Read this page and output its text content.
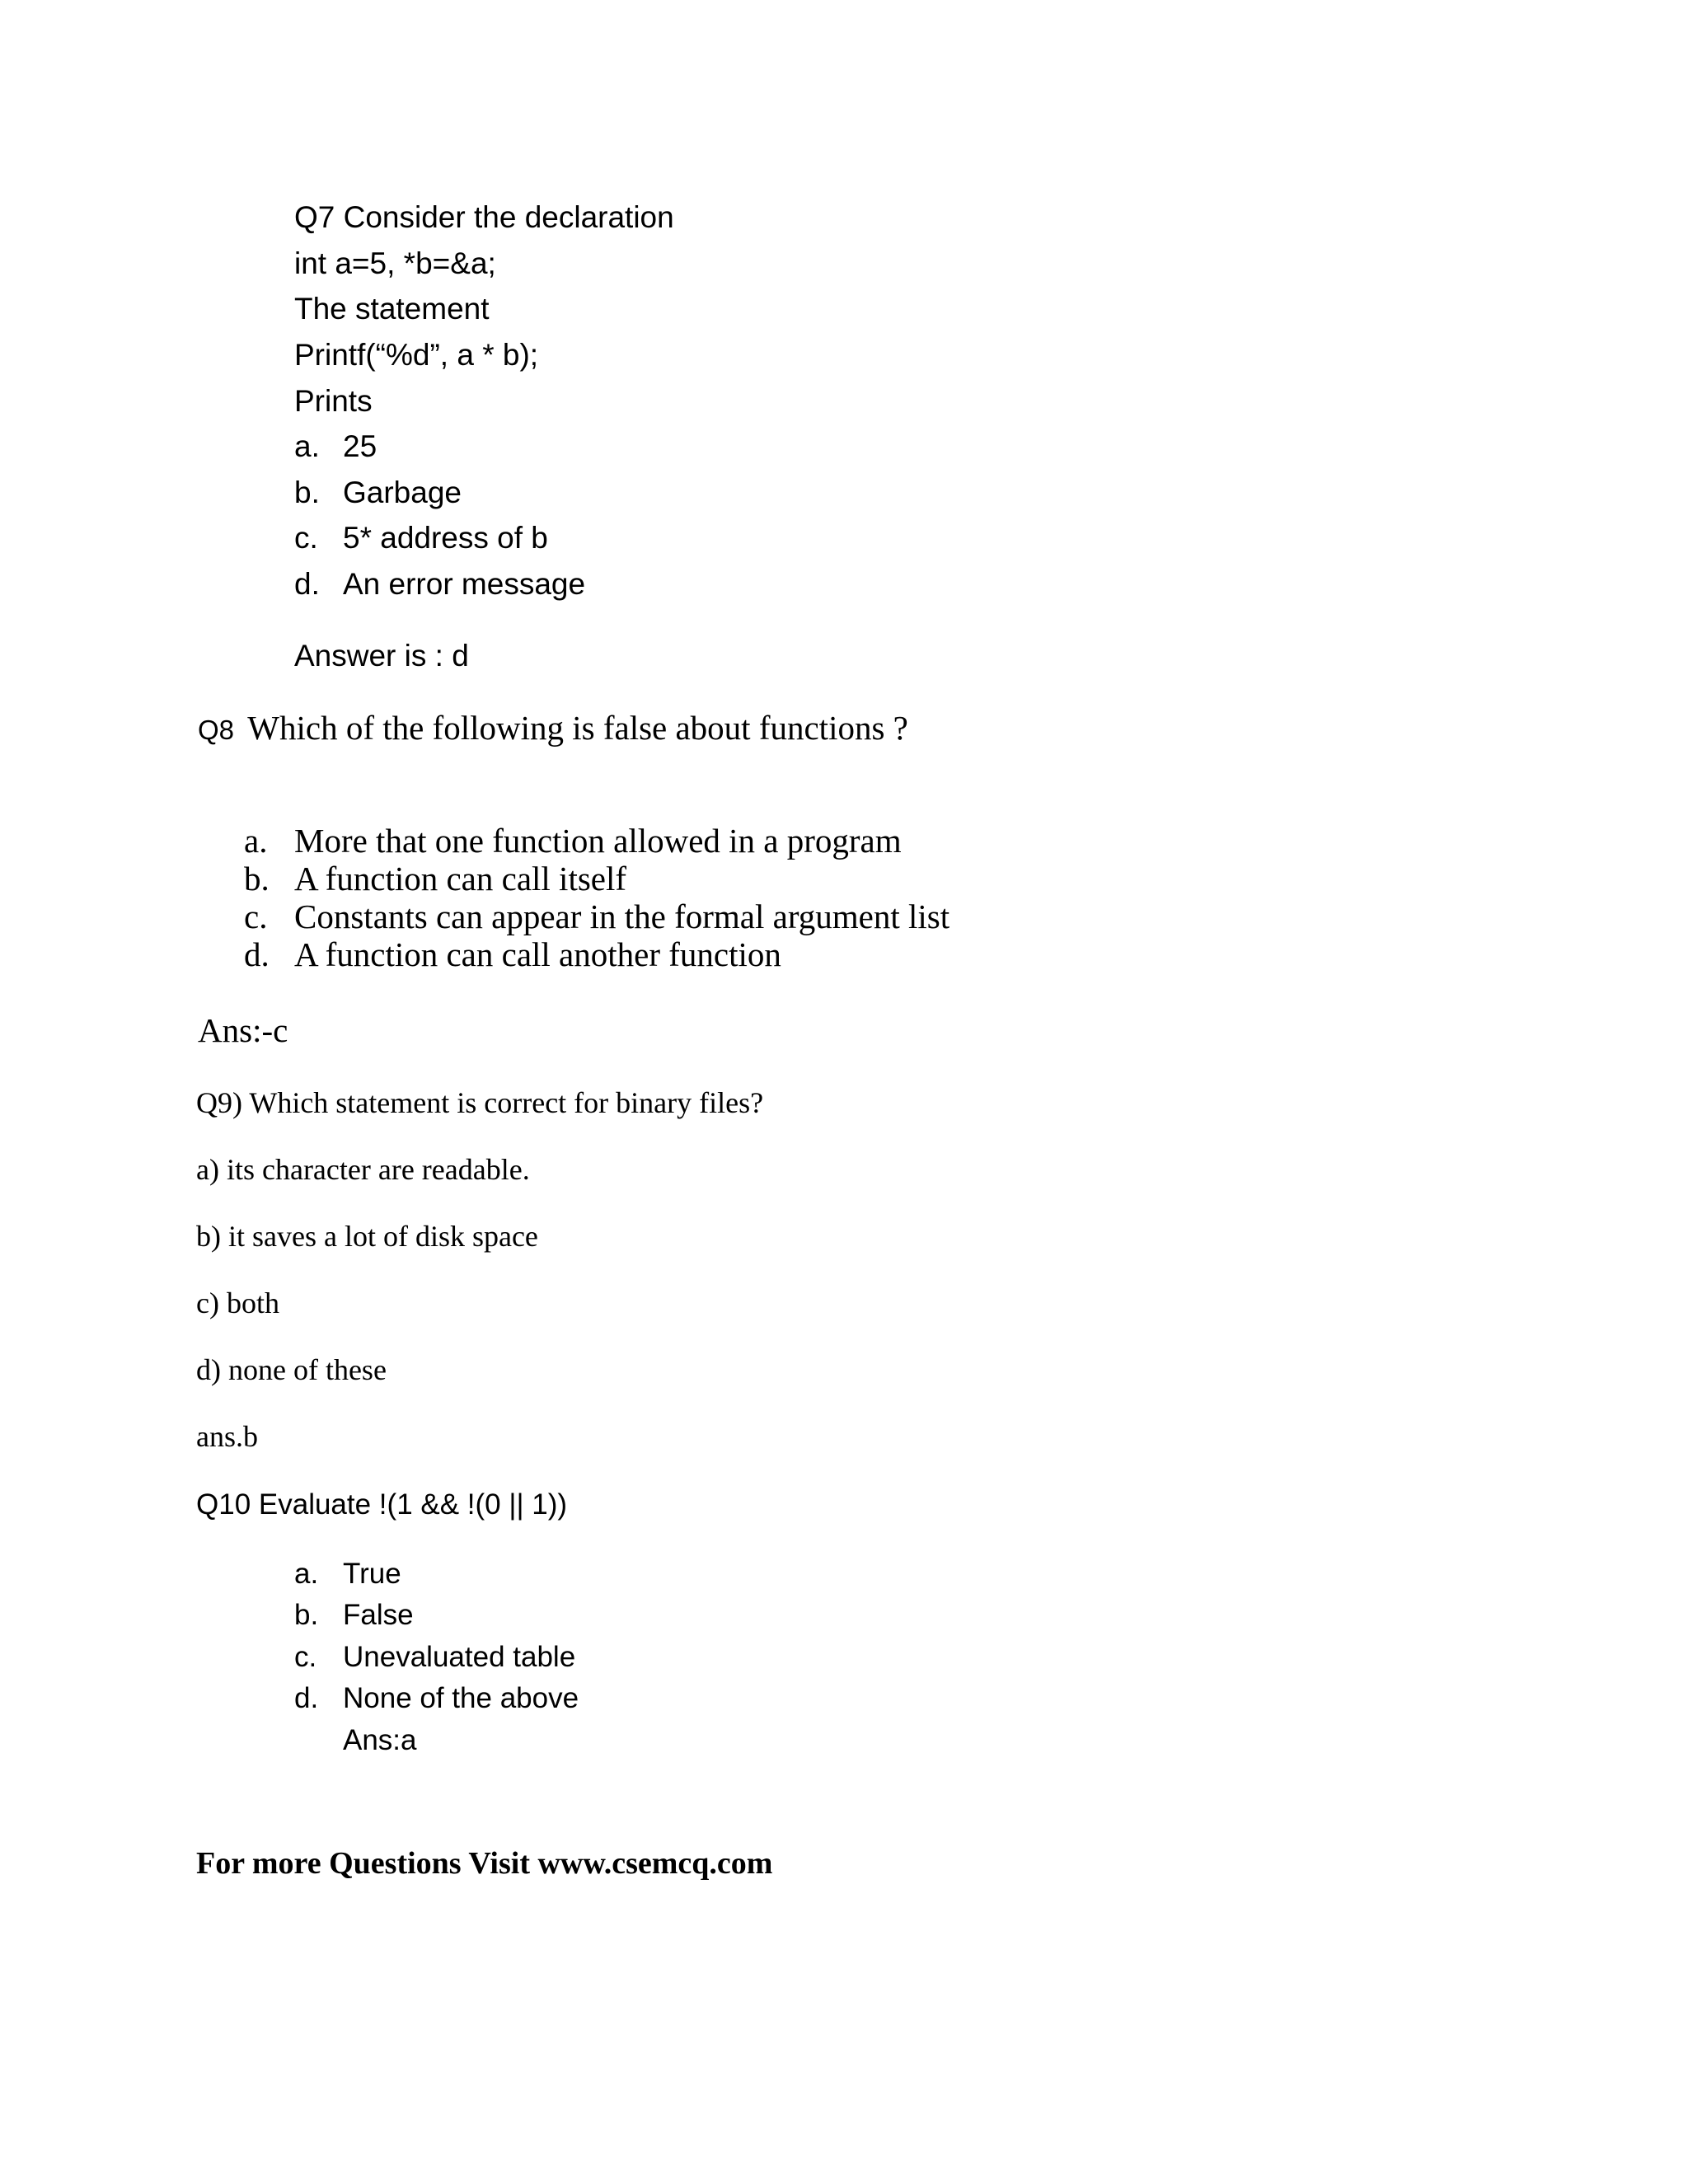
Q7 Consider the declaration
int a=5, *b=&a;
The statement
Printf(“%d”, a * b);
Prints
a. 25
b. Garbage
c. 5* address of b
d. An error message
Answer is : d
Q8 Which of the following is false about functions ?
a. More that one function allowed in a program
b. A function can call itself
c. Constants can appear in the formal argument list
d. A function can call another function
Ans:-c
Q9) Which statement is correct for binary files?
a) its character are readable.
b) it saves a lot of disk space
c) both
d) none of these
ans.b
Q10 Evaluate !(1 && !(0 || 1))
a. True
b. False
c. Unevaluated table
d. None of the above
Ans:a
For more Questions Visit www.csemcq.com
